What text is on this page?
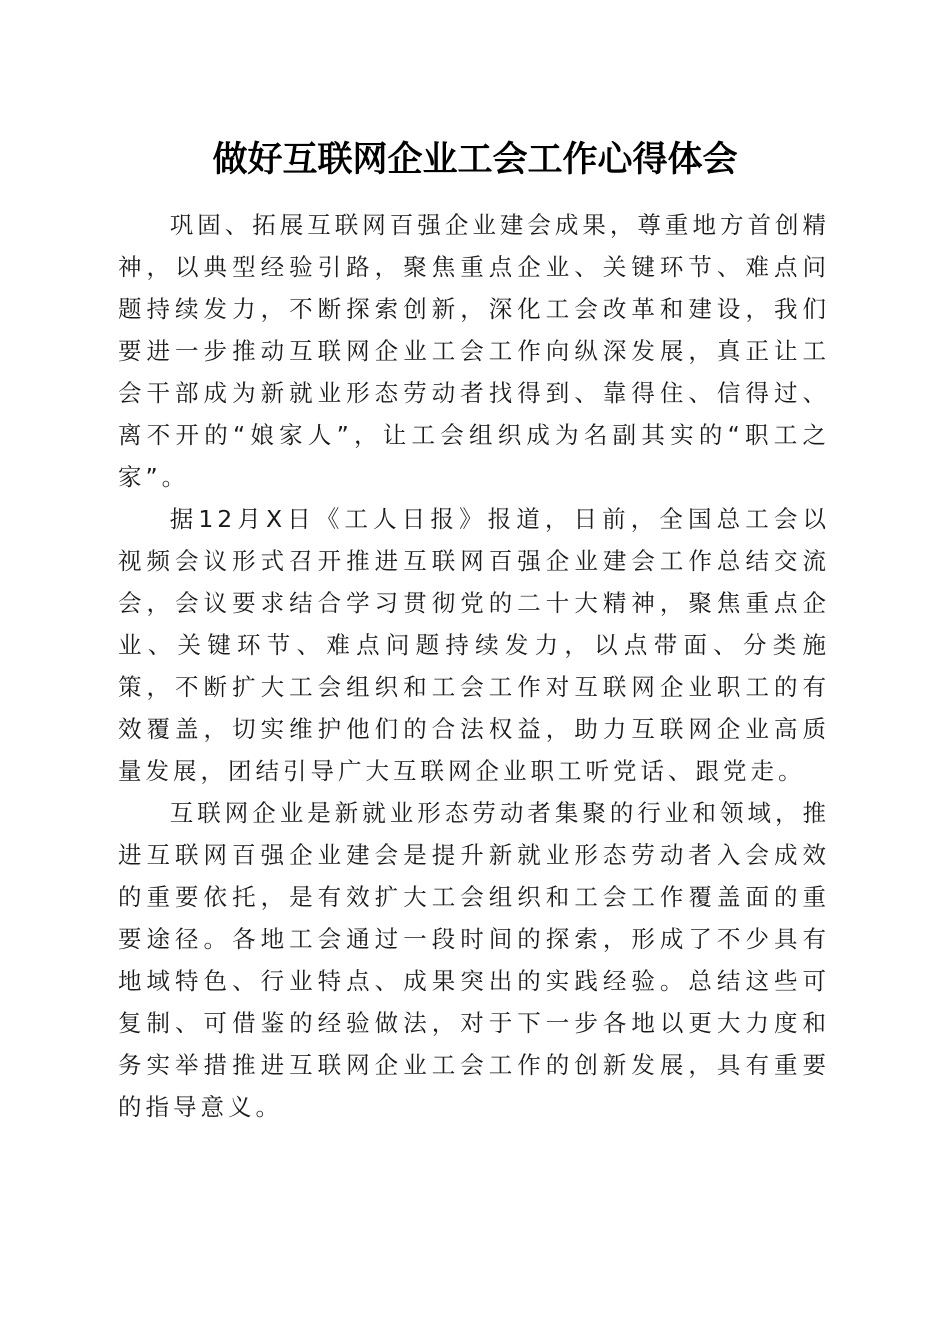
做好互联网企业工会工作心得体会

巩固、拓展互联网百强企业建会成果，尊重地方首创精神，以典型经验引路，聚焦重点企业、关键环节、难点问题持续发力，不断探索创新，深化工会改革和建设，我们要进一步推动互联网企业工会工作向纵深发展，真正让工会干部成为新就业形态劳动者找得到、靠得住、信得过、离不开的“娘家人”，让工会组织成为名副其实的“职工之家”。

据12月X日《工人日报》报道，日前，全国总工会以视频会议形式召开推进互联网百强企业建会工作总结交流会，会议要求结合学习贯彻党的二十大精神，聚焦重点企业、关键环节、难点问题持续发力，以点带面、分类施策，不断扩大工会组织和工会工作对互联网企业职工的有效覆盖，切实维护他们的合法权益，助力互联网企业高质量发展，团结引导广大互联网企业职工听党话、跟党走。

互联网企业是新就业形态劳动者集聚的行业和领域，推进互联网百强企业建会是提升新就业形态劳动者入会成效的重要依托，是有效扩大工会组织和工会工作覆盖面的重要途径。各地工会通过一段时间的探索，形成了不少具有地域特色、行业特点、成果突出的实践经验。总结这些可复制、可借鉴的经验做法，对于下一步各地以更大力度和务实举措推进互联网企业工会工作的创新发展，具有重要的指导意义。
